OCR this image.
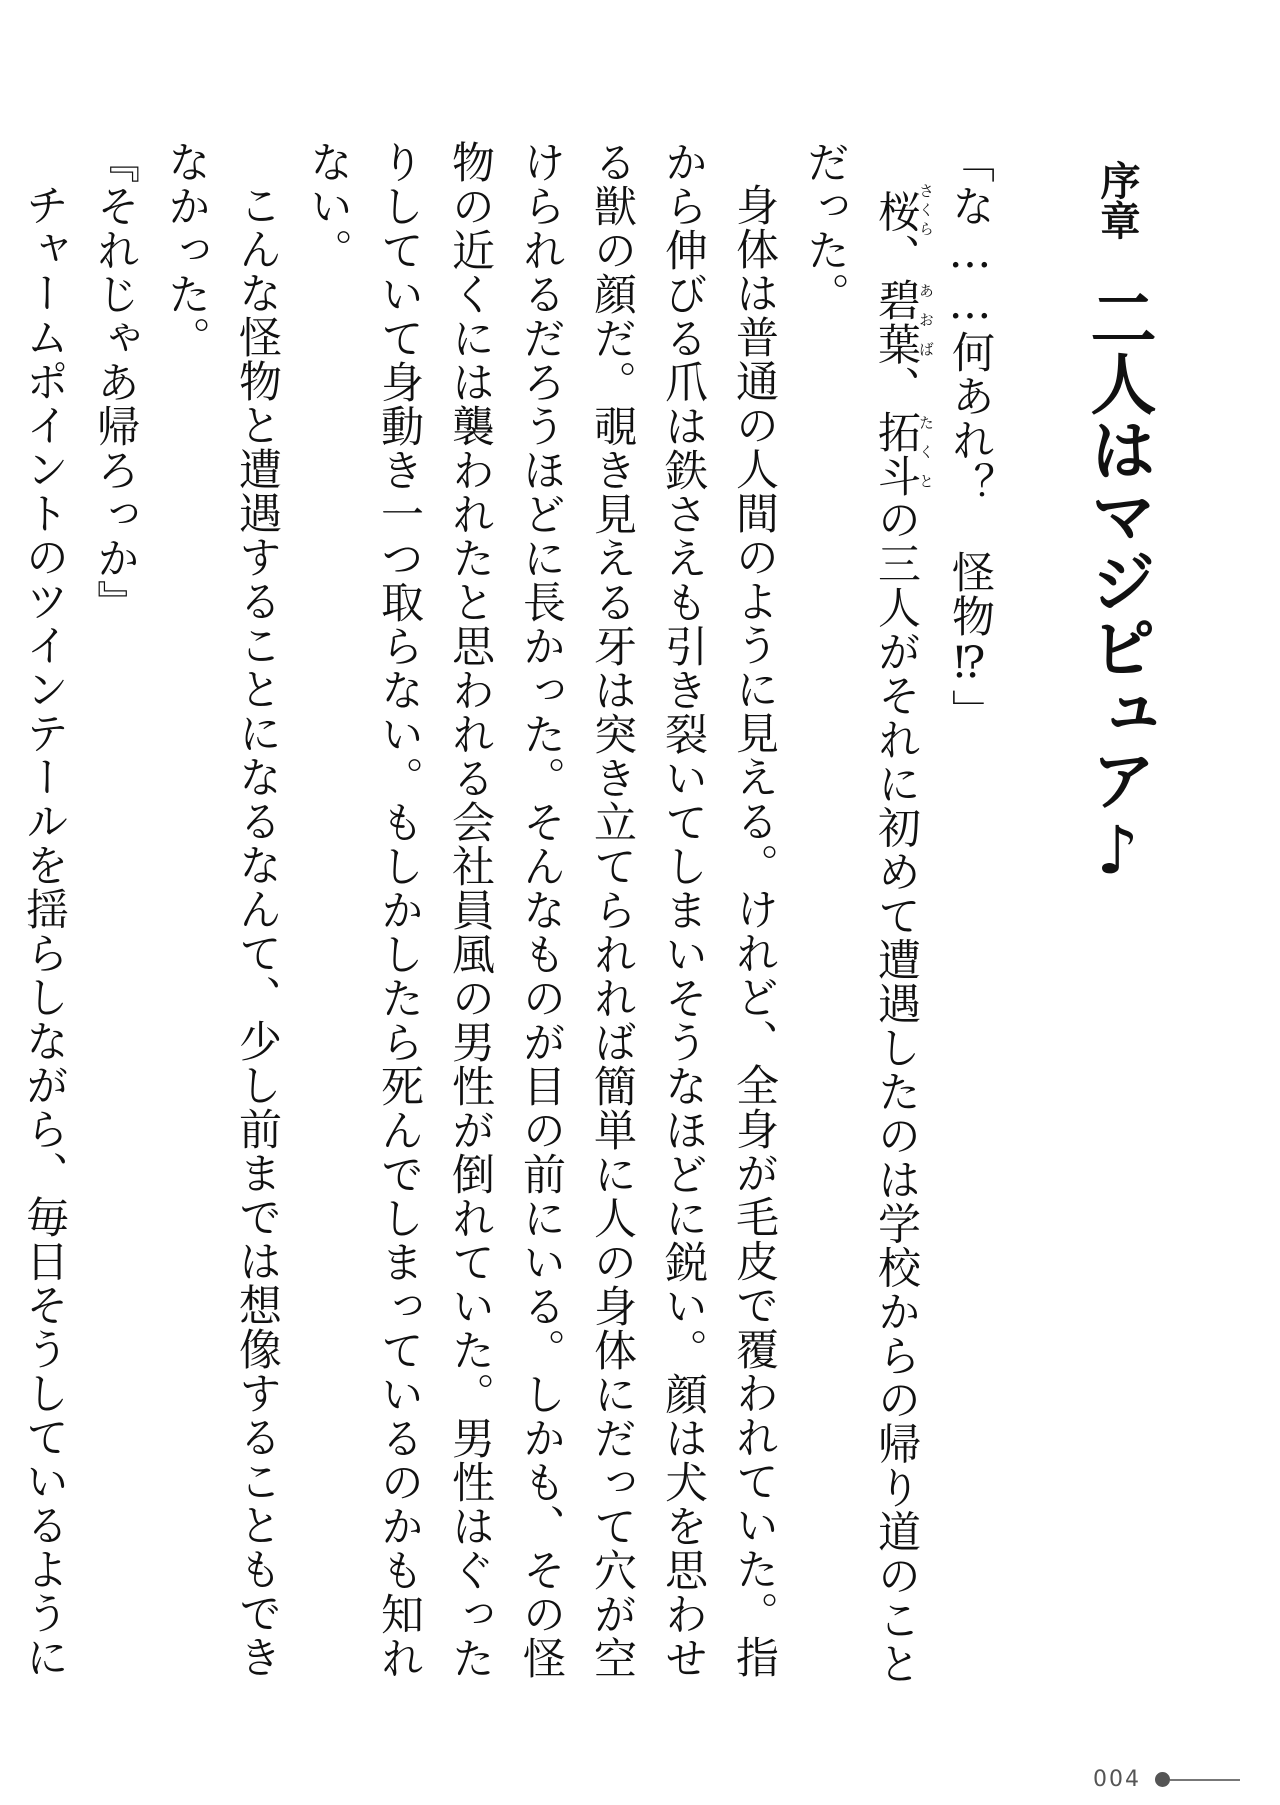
序章二人はマジピュア♪

「な……何あれ？　怪物⁉」

桜さくら、碧葉あおば、拓斗たくとの三人がそれに初めて遭遇したのは学校からの帰り道のことだった。

身体は普通の人間のように見える。けれど、全身が毛皮で覆われていた。指から伸びる爪は鉄さえも引き裂いてしまいそうなほどに鋭い。顔は犬を思わせる獣の顔だ。覗き見える牙は突き立てられれば簡単に人の身体にだって穴が空けられるだろうほどに長かった。そんなものが目の前にいる。しかも、その怪物の近くには襲われたと思われる会社員風の男性が倒れていた。男性はぐったりしていて身動き一つ取らない。もしかしたら死んでしまっているのかも知れない。

こんな怪物と遭遇することになるなんて、少し前までは想像することもできなかった。

『それじゃあ帰ろっか』

チャームポイントのツインテールを揺らしながら、毎日そうしているように

004
